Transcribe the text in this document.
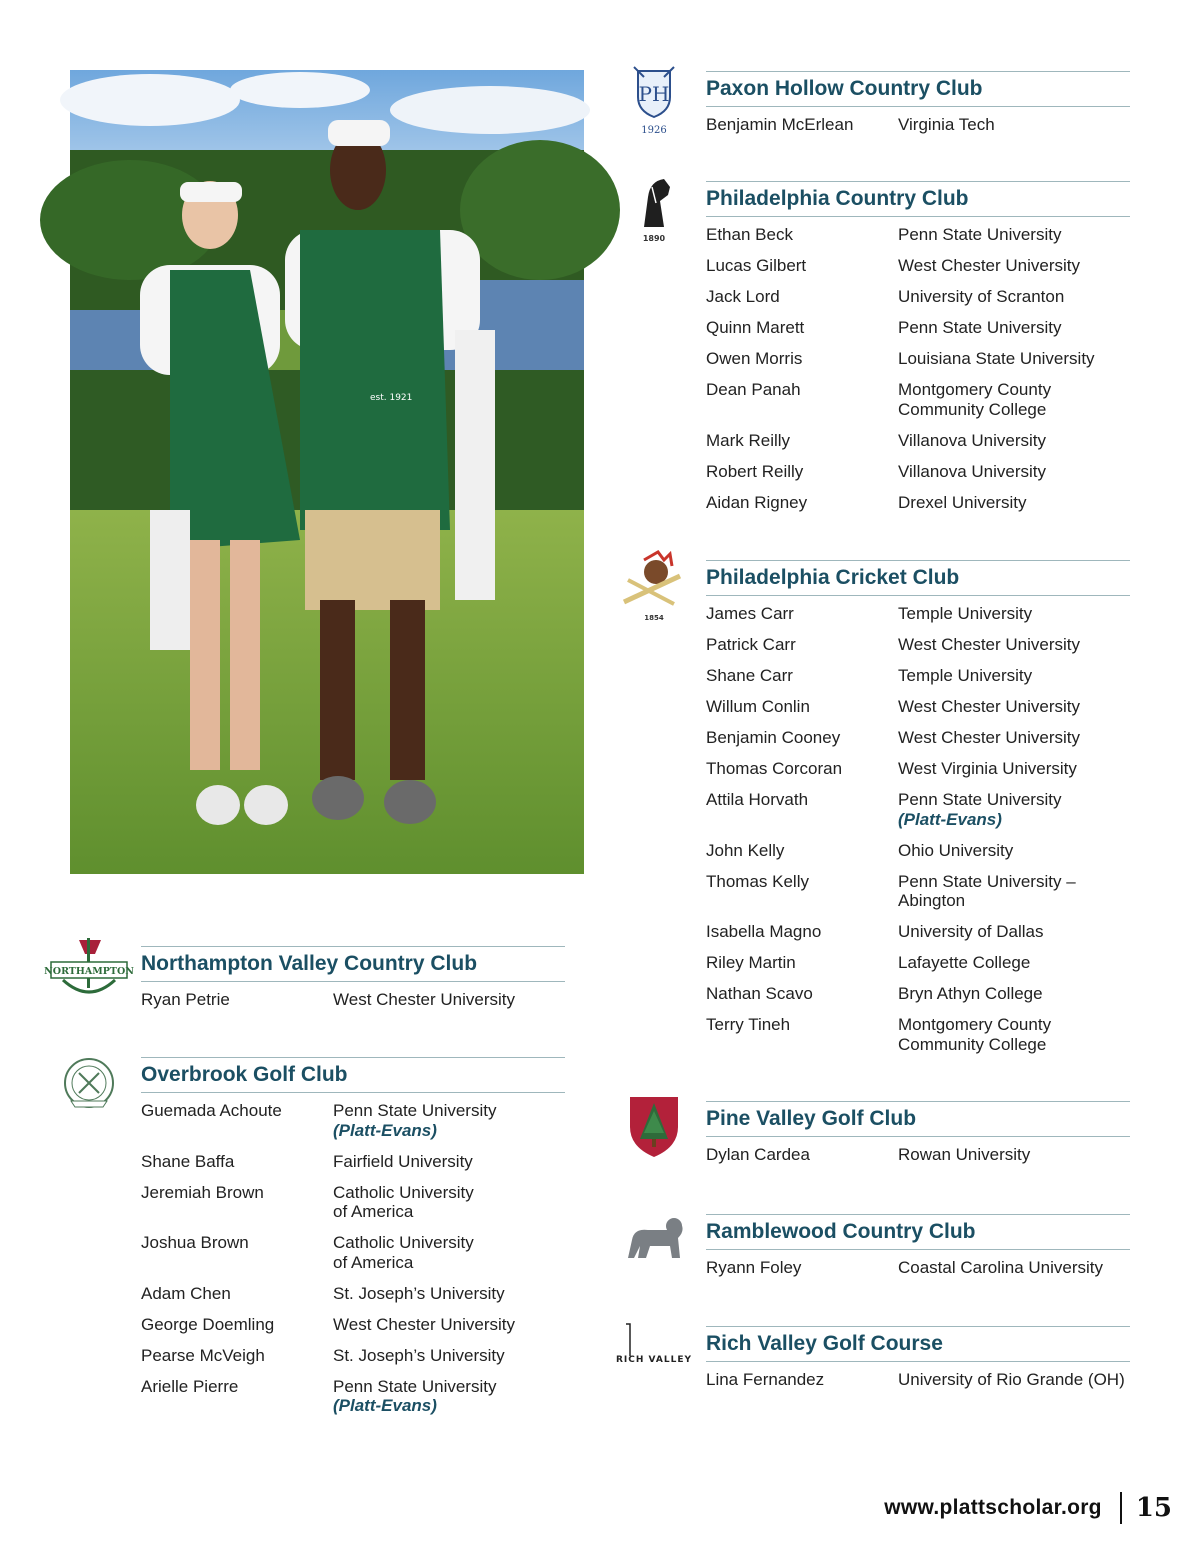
est. 1921
NORTHAMPTON Northampton Valley Country Club
Ryan Petrie	West Chester University
Overbrook Golf Club
Guemada Achoute	Penn State University
(Platt-Evans)
Shane Baffa	Fairfield University
Jeremiah Brown	Catholic University
of America
Joshua Brown	Catholic University
of America
Adam Chen	St. Joseph’s University
George Doemling	West Chester University
Pearse McVeigh	St. Joseph’s University
Arielle Pierre	Penn State University
(Platt-Evans)
PH
1926
Paxon Hollow Country Club
Benjamin McErlean	Virginia Tech
1890
Philadelphia Country Club
Ethan Beck	Penn State University
Lucas Gilbert	West Chester University
Jack Lord	University of Scranton
Quinn Marett	Penn State University
Owen Morris	Louisiana State University
Dean Panah	Montgomery County
Community College
Mark Reilly	Villanova University
Robert Reilly	Villanova University
Aidan Rigney	Drexel University
1854
Philadelphia Cricket Club
James Carr	Temple University
Patrick Carr	West Chester University
Shane Carr	Temple University
Willum Conlin	West Chester University
Benjamin Cooney	West Chester University
Thomas Corcoran	West Virginia University
Attila Horvath	Penn State University
(Platt-Evans)
John Kelly	Ohio University
Thomas Kelly	Penn State University –
Abington
Isabella Magno	University of Dallas
Riley Martin	Lafayette College
Nathan Scavo	Bryn Athyn College
Terry Tineh	Montgomery County
Community College
Pine Valley Golf Club
Dylan Cardea	Rowan University
Ramblewood Country Club
Ryann Foley	Coastal Carolina University
RICH VALLEY
Rich Valley Golf Course
Lina Fernandez	University of Rio Grande (OH)
www.plattscholar.org 15
